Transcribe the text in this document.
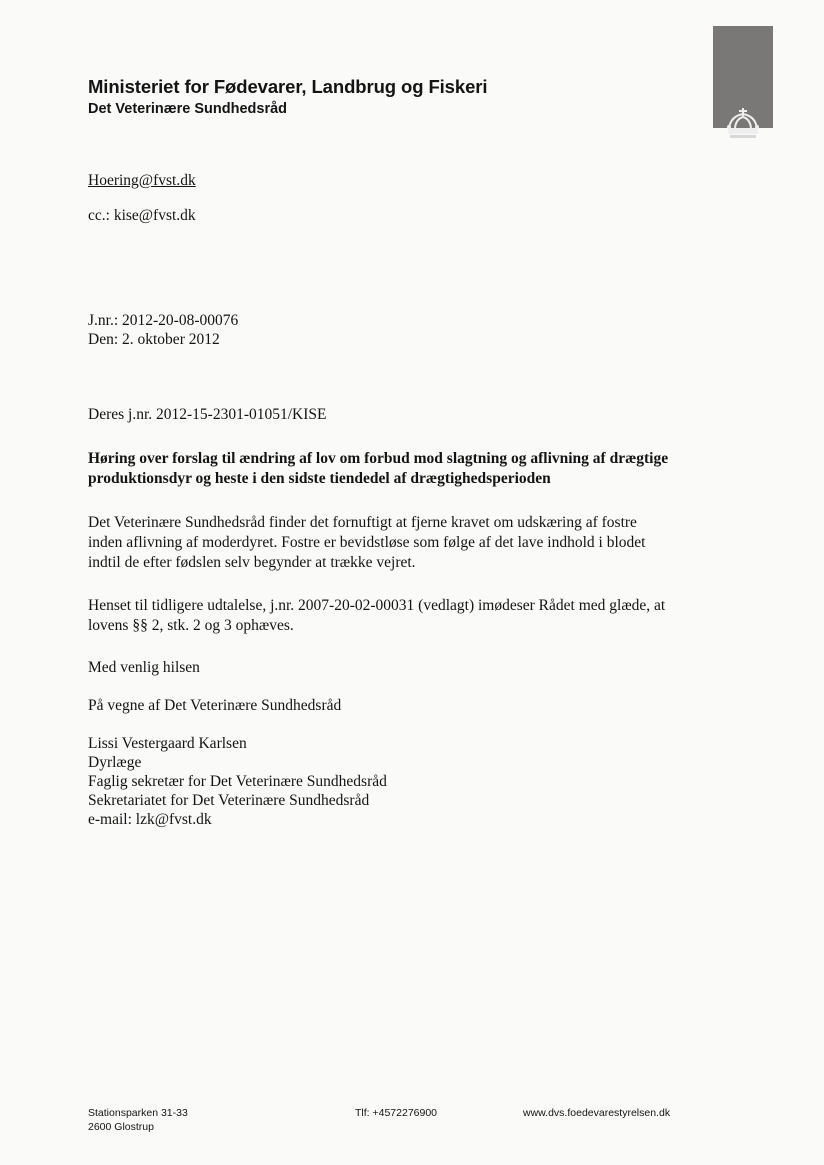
Ministeriet for Fødevarer, Landbrug og Fiskeri
Det Veterinære Sundhedsråd
Hoering@fvst.dk
cc.: kise@fvst.dk
J.nr.: 2012-20-08-00076
Den: 2. oktober 2012
Deres j.nr. 2012-15-2301-01051/KISE
Høring over forslag til ændring af lov om forbud mod slagtning og aflivning af drægtige
produktionsdyr og heste i den sidste tiendedel af drægtighedsperioden
Det Veterinære Sundhedsråd finder det fornuftigt at fjerne kravet om udskæring af fostre
inden aflivning af moderdyret. Fostre er bevidstløse som følge af det lave indhold i blodet
indtil de efter fødslen selv begynder at trække vejret.
Henset til tidligere udtalelse, j.nr. 2007-20-02-00031 (vedlagt) imødeser Rådet med glæde, at
lovens §§ 2, stk. 2 og 3 ophæves.
Med venlig hilsen
På vegne af Det Veterinære Sundhedsråd
Lissi Vestergaard Karlsen
Dyrlæge
Faglig sekretær for Det Veterinære Sundhedsråd
Sekretariatet for Det Veterinære Sundhedsråd
e-mail: lzk@fvst.dk
Stationsparken 31-33
2600 Glostrup
Tlf: +4572276900	www.dvs.foedevarestyrelsen.dk
